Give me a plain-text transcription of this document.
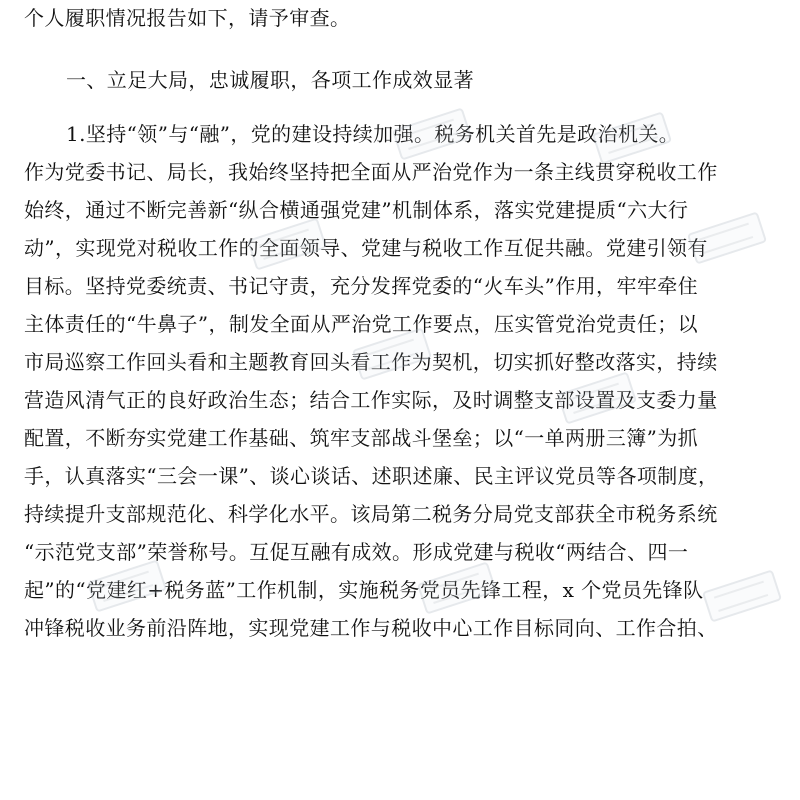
个人履职情况报告如下，请予审查。
一、立足大局，忠诚履职，各项工作成效显著
1.坚持“领”与“融”，党的建设持续加强。税务机关首先是政治机关。
作为党委书记、局长，我始终坚持把全面从严治党作为一条主线贯穿税收工作
始终，通过不断完善新“纵合横通强党建”机制体系，落实党建提质“六大行
动”，实现党对税收工作的全面领导、党建与税收工作互促共融。党建引领有
目标。坚持党委统责、书记守责，充分发挥党委的“火车头”作用，牢牢牵住
主体责任的“牛鼻子”，制发全面从严治党工作要点，压实管党治党责任；以
市局巡察工作回头看和主题教育回头看工作为契机，切实抓好整改落实，持续
营造风清气正的良好政治生态；结合工作实际，及时调整支部设置及支委力量
配置，不断夯实党建工作基础、筑牢支部战斗堡垒；以“一单两册三簿”为抓
手，认真落实“三会一课”、谈心谈话、述职述廉、民主评议党员等各项制度，
持续提升支部规范化、科学化水平。该局第二税务分局党支部获全市税务系统
“示范党支部”荣誉称号。互促互融有成效。形成党建与税收“两结合、四一
起”的“党建红+税务蓝”工作机制，实施税务党员先锋工程，x 个党员先锋队
冲锋税收业务前沿阵地，实现党建工作与税收中心工作目标同向、工作合拍、
